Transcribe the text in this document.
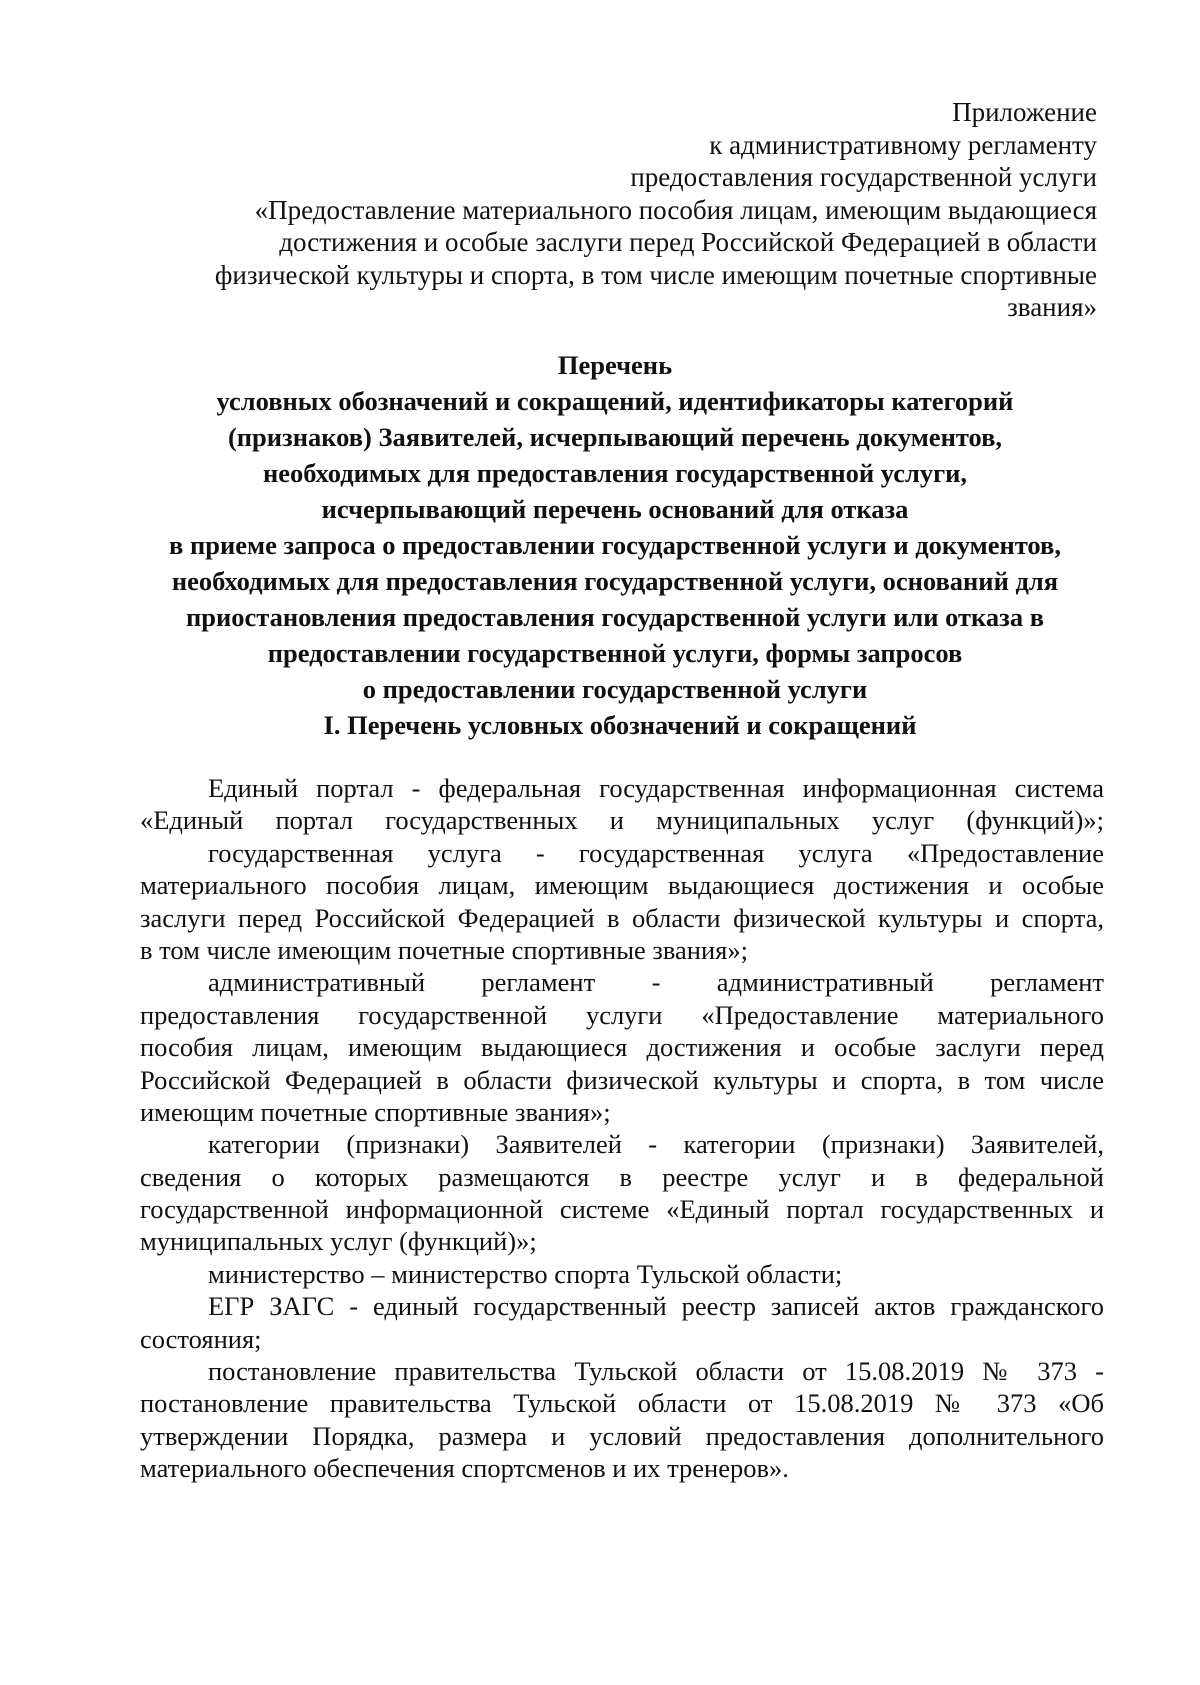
Приложение
к административному регламенту
предоставления государственной услуги
«Предоставление материального пособия лицам, имеющим выдающиеся
достижения и особые заслуги перед Российской Федерацией в области
физической культуры и спорта, в том числе имеющим почетные спортивные
звания»
Перечень
условных обозначений и сокращений, идентификаторы категорий
(признаков) Заявителей, исчерпывающий перечень документов,
необходимых для предоставления государственной услуги,
исчерпывающий перечень оснований для отказа
в приеме запроса о предоставлении государственной услуги и документов,
необходимых для предоставления государственной услуги, оснований для
приостановления предоставления государственной услуги или отказа в
предоставлении государственной услуги, формы запросов
о предоставлении государственной услуги
I. Перечень условных обозначений и сокращений
Единый портал - федеральная государственная информационная система
«Единый портал государственных и муниципальных услуг (функций)»;
государственная услуга - государственная услуга «Предоставление
материального пособия лицам, имеющим выдающиеся достижения и особые
заслуги перед Российской Федерацией в области физической культуры и спорта,
в том числе имеющим почетные спортивные звания»;
административный регламент - административный регламент
предоставления государственной услуги «Предоставление материального
пособия лицам, имеющим выдающиеся достижения и особые заслуги перед
Российской Федерацией в области физической культуры и спорта, в том числе
имеющим почетные спортивные звания»;
категории (признаки) Заявителей - категории (признаки) Заявителей,
сведения о которых размещаются в реестре услуг и в федеральной
государственной информационной системе «Единый портал государственных и
муниципальных услуг (функций)»;
министерство – министерство спорта Тульской области;
ЕГР ЗАГС - единый государственный реестр записей актов гражданского
состояния;
постановление правительства Тульской области от 15.08.2019 № 373 -
постановление правительства Тульской области от 15.08.2019 № 373 «Об
утверждении Порядка, размера и условий предоставления дополнительного
материального обеспечения спортсменов и их тренеров».
